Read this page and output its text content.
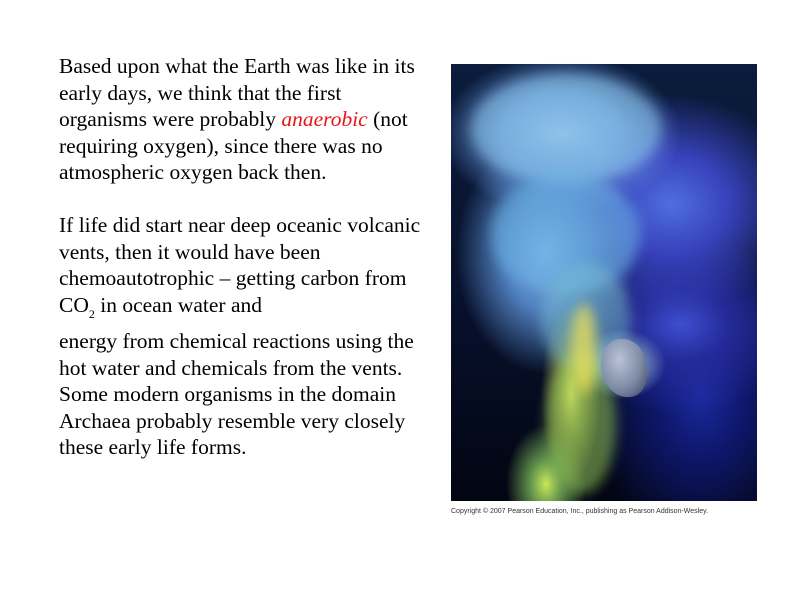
Based upon what the Earth was like in its early days, we think that the first organisms were probably anaerobic (not requiring oxygen), since there was no atmospheric oxygen back then.

If life did start near deep oceanic volcanic vents, then it would have been chemoautotrophic – getting carbon from $CO_2$ in ocean water and
energy from chemical reactions using the hot water and chemicals from the vents. Some modern organisms in the domain Archaea probably resemble very closely these early life forms.

Copyright © 2007 Pearson Education, Inc., publishing as Pearson Addison-Wesley.
